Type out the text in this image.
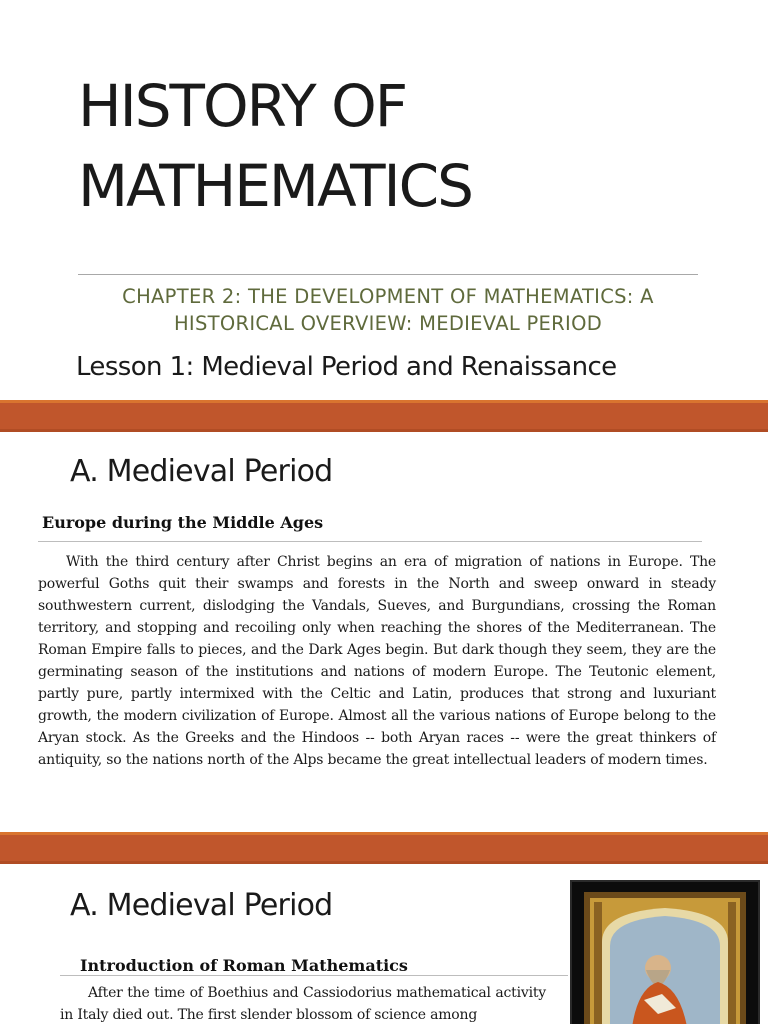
HISTORY OF
MATHEMATICS
CHAPTER 2: THE DEVELOPMENT OF MATHEMATICS: A
HISTORICAL OVERVIEW: MEDIEVAL PERIOD
Lesson 1: Medieval Period and Renaissance
A. Medieval Period
Europe during the Middle Ages
With the third century after Christ begins an era of migration of nations in Europe. The powerful Goths quit their swamps and forests in the North and sweep onward in steady southwestern current, dislodging the Vandals, Sueves, and Burgundians, crossing the Roman territory, and stopping and recoiling only when reaching the shores of the Mediterranean. The Roman Empire falls to pieces, and the Dark Ages begin. But dark though they seem, they are the germinating season of the institutions and nations of modern Europe. The Teutonic element, partly pure, partly intermixed with the Celtic and Latin, produces that strong and luxuriant growth, the modern civilization of Europe. Almost all the various nations of Europe belong to the Aryan stock. As the Greeks and the Hindoos -- both Aryan races -- were the great thinkers of antiquity, so the nations north of the Alps became the great intellectual leaders of modern times.
A. Medieval Period
Introduction of Roman Mathematics
After the time of Boethius and Cassiodorius mathematical activity in Italy died out. The first slender blossom of science among
